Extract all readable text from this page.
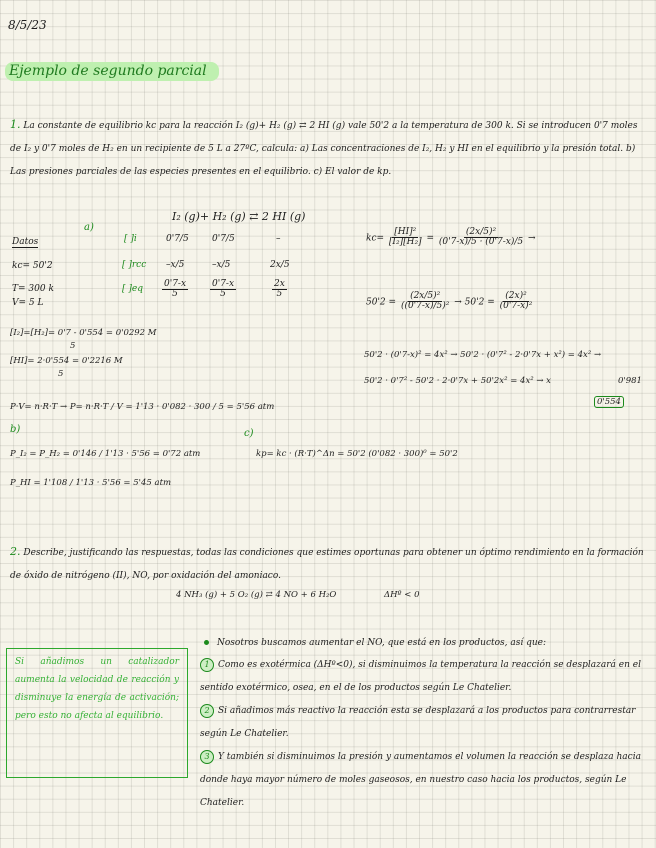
8/5/23
Ejemplo de segundo parcial
1. La constante de equilibrio kc para la reacción I₂ (g)+ H₂ (g) ⇄ 2 HI (g) vale 50'2 a la temperatura de 300 k. Si se introducen 0'7 moles de I₂ y 0'7 moles de H₂ en un recipiente de 5 L a 27ºC, calcula: a) Las concentraciones de I₂, H₂ y HI en el equilibrio y la presión total. b) Las presiones parciales de las especies presentes en el equilibrio. c) El valor de kp.
a)
I₂ (g)+ H₂ (g) ⇄ 2 HI (g)
Datos
kc= 50'2
T= 300 k
V= 5 L
[ ]i	0'7/5	0'7/5	–
[ ]rcc –x/5	–x/5	2x/5
[ ]$eq \frac{0'7-x}{5} \frac{0'7-x}{5}$	$\frac{2x}{5}$
$kc= \frac{\text{[HI]²}}{\text{[I₂][H₂]}} = \frac{\text{(2x/5)²}}{(0'7-x)/5 \cdot (0'7-x)/5}$ →
$50'2 = \frac{\text{(2x/5)²}}{\text{((0'7-x)/5)²}} \to 50'2 = \frac{\text{(2x)²}}{\text{(0'7-x)²}}$
50'2 · (0'7-x)² = 4x² → 50'2 · (0'7² - 2·0'7x + x²) = 4x² →
50'2 · 0'7² - 50'2 · 2·0'7x + 50'2x² = 4x² → x	0'981
0'554
[I₂]=[H₂]= 0'7 - 0'554 = 0'0292 M
5
[HI]= 2·0'554 = 0'2216 M
5
P·V= n·R·T → P= n·R·T / V = 1'13 · 0'082 · 300 / 5 = 5'56 atm
b)	c)
P_I₂ = P_H₂ = 0'146 / 1'13 · 5'56 = 0'72 atm
P_HI = 1'108 / 1'13 · 5'56 = 5'45 atm
kp= kc · (R·T)^Δn = 50'2 (0'082 · 300)⁰ = 50'2
2. Describe, justificando las respuestas, todas las condiciones que estimes oportunas para obtener un óptimo rendimiento en la formación de óxido de nitrógeno (II), NO, por oxidación del amoniaco.
4 NH₃ (g) + 5 O₂ (g) ⇄ 4 NO + 6 H₂O	ΔHº < 0
Si añadimos un catalizador aumenta la velocidad de reacción y disminuye la energía de activación; pero esto no afecta al equilibrio.
Nosotros buscamos aumentar el NO, que está en los productos, así que:
1 Como es exotérmica (ΔHº<0), si disminuimos la temperatura la reacción se desplazará en el sentido exotérmico, osea, en el de los productos según Le Chatelier.
2 Si añadimos más reactivo la reacción esta se desplazará a los productos para contrarrestar según Le Chatelier.
3 Y también si disminuimos la presión y aumentamos el volumen la reacción se desplaza hacia donde haya mayor número de moles gaseosos, en nuestro caso hacia los productos, según Le Chatelier.
